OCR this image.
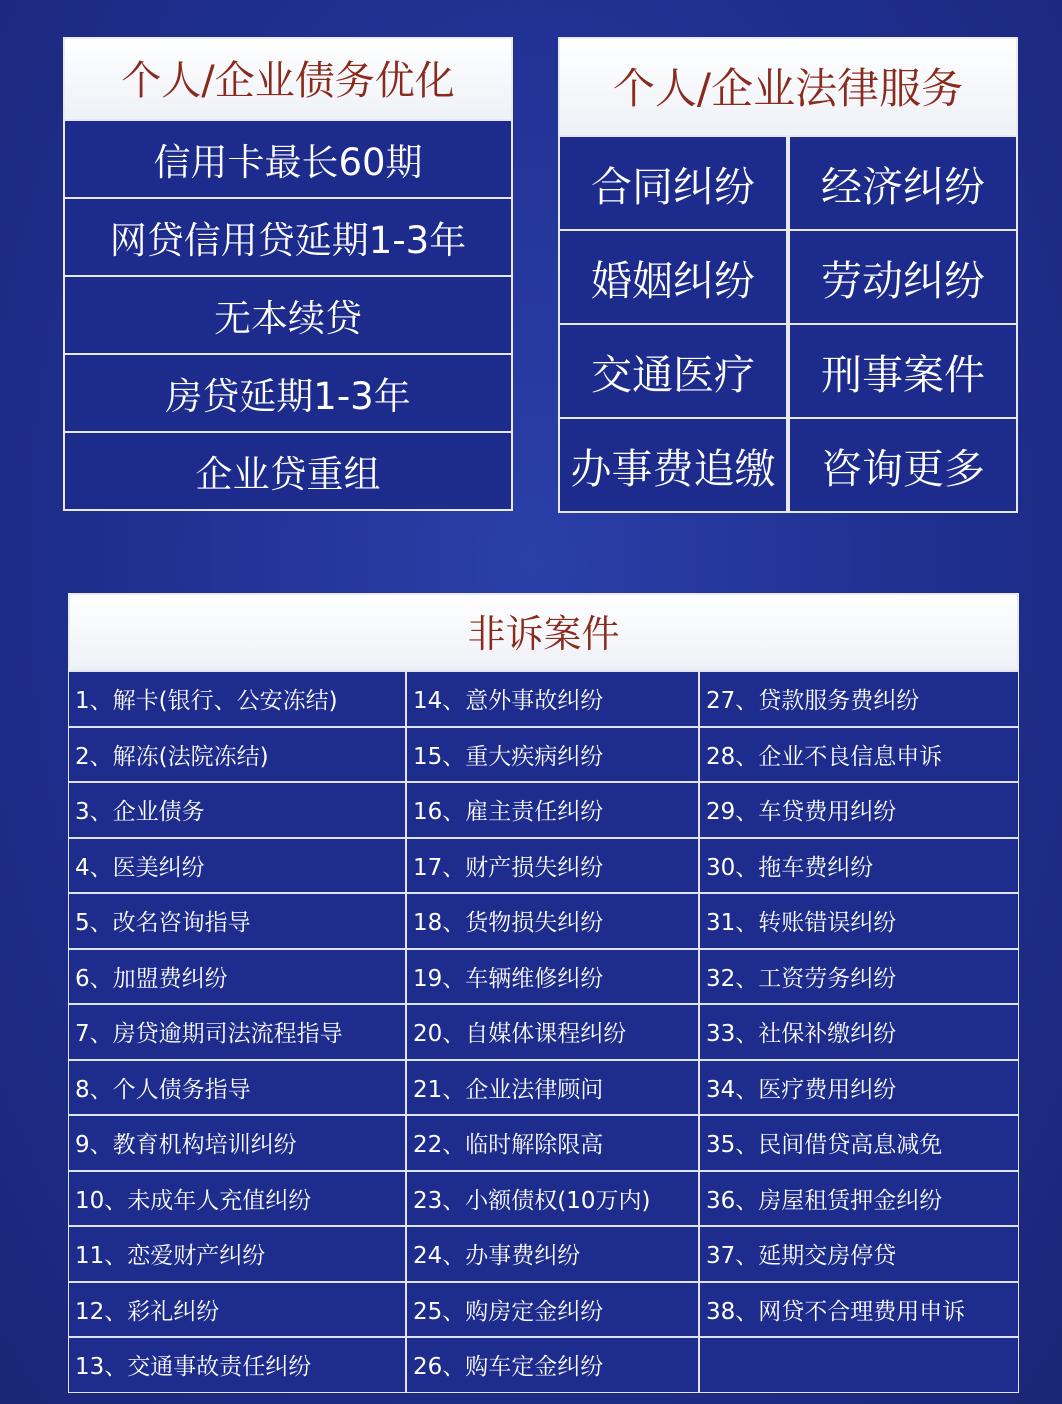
个人/企业债务优化
信用卡最长60期
网贷信用贷延期1-3年
无本续贷
房贷延期1-3年
企业贷重组
个人/企业法律服务
合同纠纷	经济纠纷
婚姻纠纷	劳动纠纷
交通医疗	刑事案件
办事费追缴	咨询更多
非诉案件
1、解卡(银行、公安冻结)	14、意外事故纠纷	27、贷款服务费纠纷
2、解冻(法院冻结)	15、重大疾病纠纷	28、企业不良信息申诉
3、企业债务	16、雇主责任纠纷	29、车贷费用纠纷
4、医美纠纷	17、财产损失纠纷	30、拖车费纠纷
5、改名咨询指导	18、货物损失纠纷	31、转账错误纠纷
6、加盟费纠纷	19、车辆维修纠纷	32、工资劳务纠纷
7、房贷逾期司法流程指导	20、自媒体课程纠纷	33、社保补缴纠纷
8、个人债务指导	21、企业法律顾问	34、医疗费用纠纷
9、教育机构培训纠纷	22、临时解除限高	35、民间借贷高息减免
10、未成年人充值纠纷	23、小额债权(10万内)	36、房屋租赁押金纠纷
11、恋爱财产纠纷	24、办事费纠纷	37、延期交房停贷
12、彩礼纠纷	25、购房定金纠纷	38、网贷不合理费用申诉
13、交通事故责任纠纷	26、购车定金纠纷
